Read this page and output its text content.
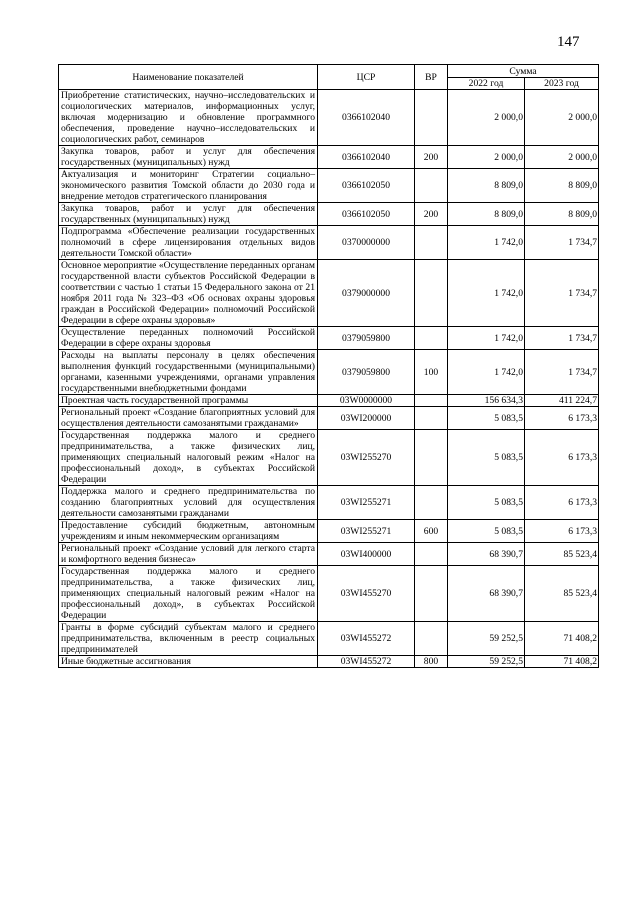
147
Наименование показателей	ЦСР	ВР	Сумма	
			2022 год	2023 год
Приобретение статистических, научно–исследовательских и социологических материалов, информационных услуг, включая модернизацию и обновление программного обеспечения, проведение научно–исследовательских и социологических работ, семинаров	0366102040		2 000,0	2 000,0
Закупка товаров, работ и услуг для обеспечения государственных (муниципальных) нужд	0366102040	200	2 000,0	2 000,0
Актуализация и мониторинг Стратегии социально–экономического развития Томской области до 2030 года и внедрение методов стратегического планирования	0366102050		8 809,0	8 809,0
Закупка товаров, работ и услуг для обеспечения государственных (муниципальных) нужд	0366102050	200	8 809,0	8 809,0
Подпрограмма «Обеспечение реализации государственных полномочий в сфере лицензирования отдельных видов деятельности Томской области»	0370000000		1 742,0	1 734,7
Основное мероприятие «Осуществление переданных органам государственной власти субъектов Российской Федерации в соответствии с частью 1 статьи 15 Федерального закона от 21 ноября 2011 года № 323–ФЗ «Об основах охраны здоровья граждан в Российской Федерации» полномочий Российской Федерации в сфере охраны здоровья»	0379000000		1 742,0	1 734,7
Осуществление переданных полномочий Российской Федерации в сфере охраны здоровья	0379059800		1 742,0	1 734,7
Расходы на выплаты персоналу в целях обеспечения выполнения функций государственными (муниципальными) органами, казенными учреждениями, органами управления государственными внебюджетными фондами	0379059800	100	1 742,0	1 734,7
Проектная часть государственной программы	03W0000000		156 634,3	411 224,7
Региональный проект «Создание благоприятных условий для осуществления деятельности самозанятыми гражданами»	03WI200000		5 083,5	6 173,3
Государственная поддержка малого и среднего предпринимательства, а также физических лиц, применяющих специальный налоговый режим «Налог на профессиональный доход», в субъектах Российской Федерации	03WI255270		5 083,5	6 173,3
Поддержка малого и среднего предпринимательства по созданию благоприятных условий для осуществления деятельности самозанятыми гражданами	03WI255271		5 083,5	6 173,3
Предоставление субсидий бюджетным, автономным учреждениям и иным некоммерческим организациям	03WI255271	600	5 083,5	6 173,3
Региональный проект «Создание условий для легкого старта и комфортного ведения бизнеса»	03WI400000		68 390,7	85 523,4
Государственная поддержка малого и среднего предпринимательства, а также физических лиц, применяющих специальный налоговый режим «Налог на профессиональный доход», в субъектах Российской Федерации	03WI455270		68 390,7	85 523,4
Гранты в форме субсидий субъектам малого и среднего предпринимательства, включенным в реестр социальных предпринимателей	03WI455272		59 252,5	71 408,2
Иные бюджетные ассигнования	03WI455272	800	59 252,5	71 408,2
